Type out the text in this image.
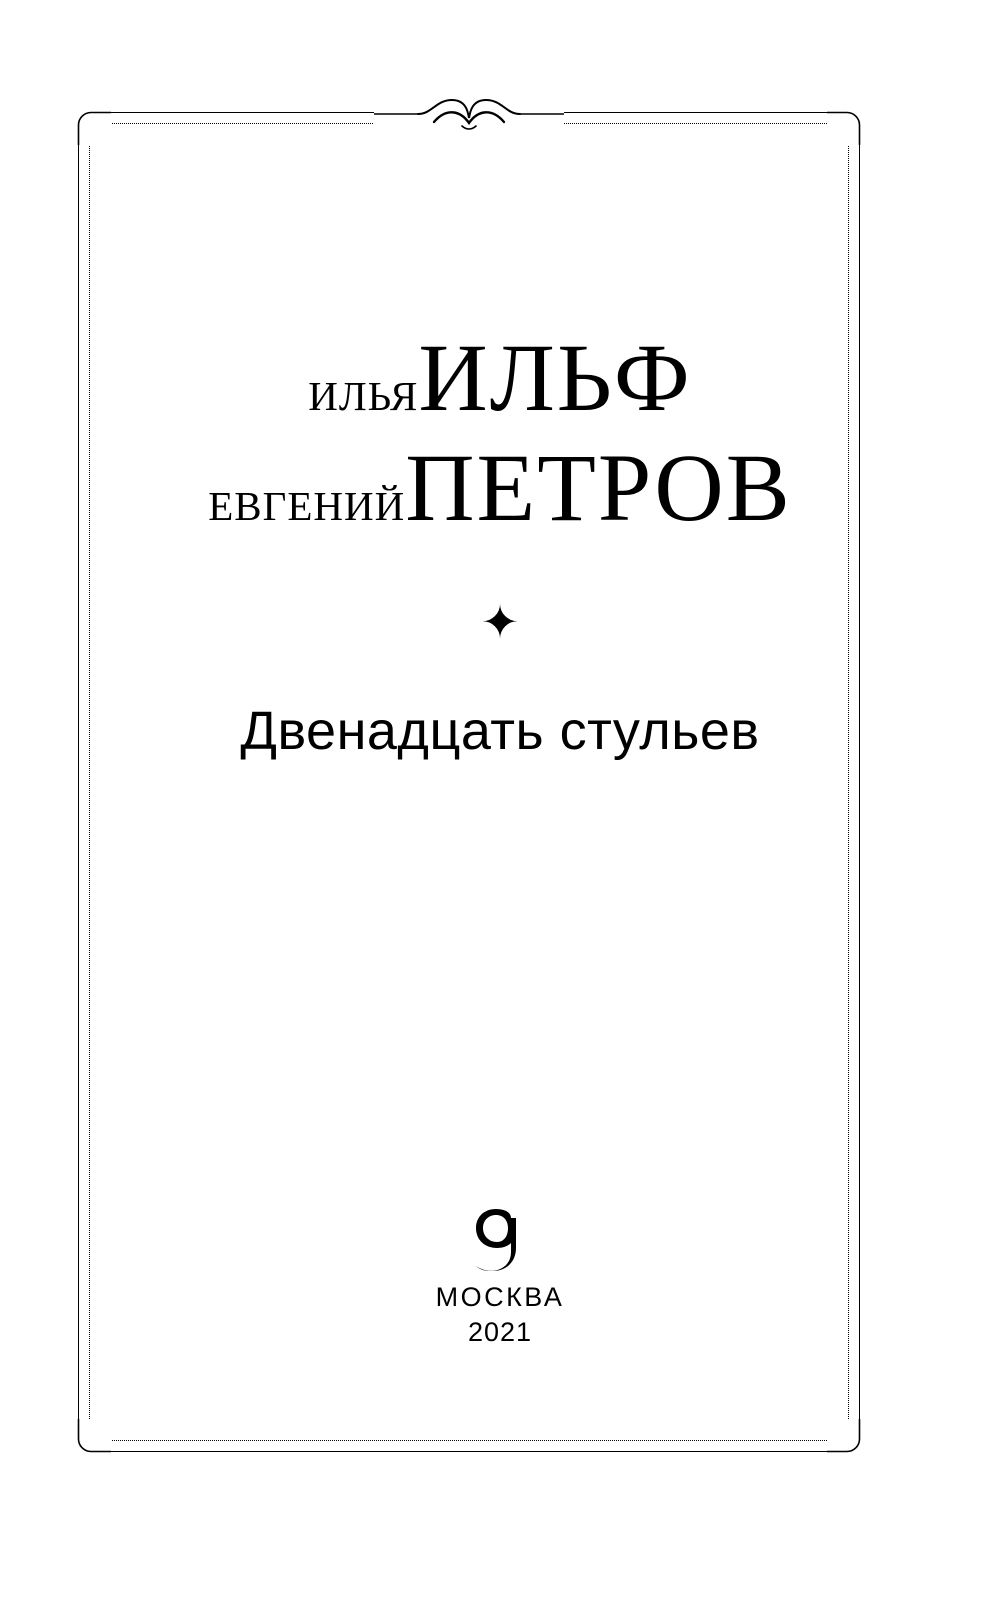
ильяИЛЬФ
евгенийПЕТРОВ
✦
Двенадцать стульев
МОСКВА
2021
